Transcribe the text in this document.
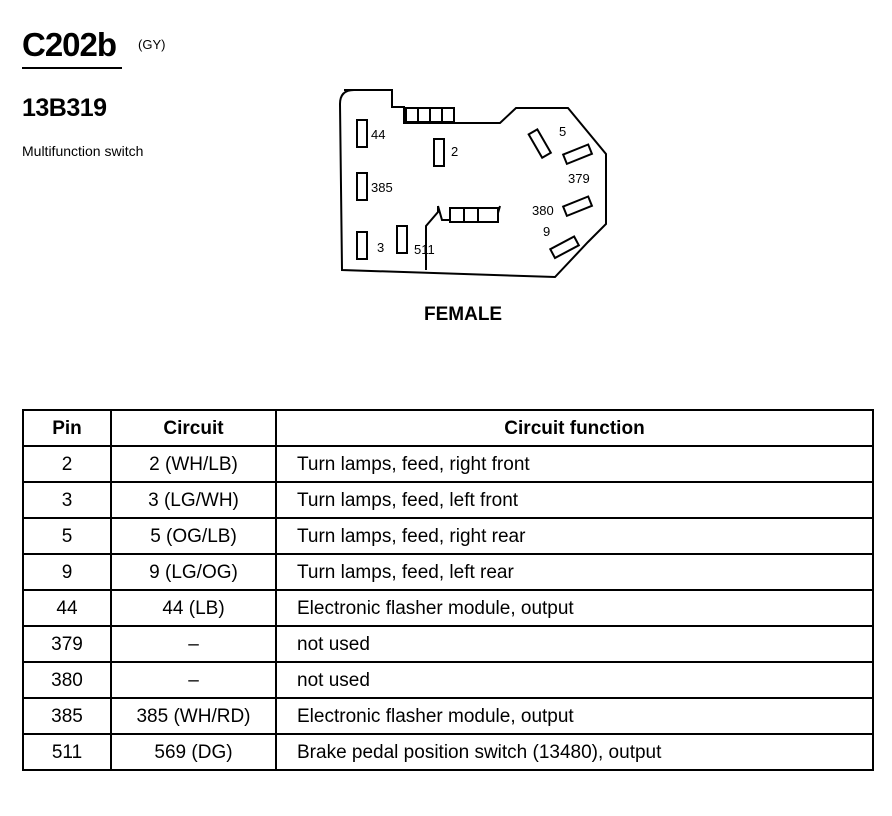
C202b (GY)
13B319
Multifunction switch
44
2
385
3 511
5
379
380
9
FEMALE
Pin	Circuit	Circuit function
2	2 (WH/LB)	Turn lamps, feed, right front
3	3 (LG/WH)	Turn lamps, feed, left front
5	5 (OG/LB)	Turn lamps, feed, right rear
9	9 (LG/OG)	Turn lamps, feed, left rear
44	44 (LB)	Electronic flasher module, output
379	–	not used
380	–	not used
385	385 (WH/RD)	Electronic flasher module, output
511	569 (DG)	Brake pedal position switch (13480), output
